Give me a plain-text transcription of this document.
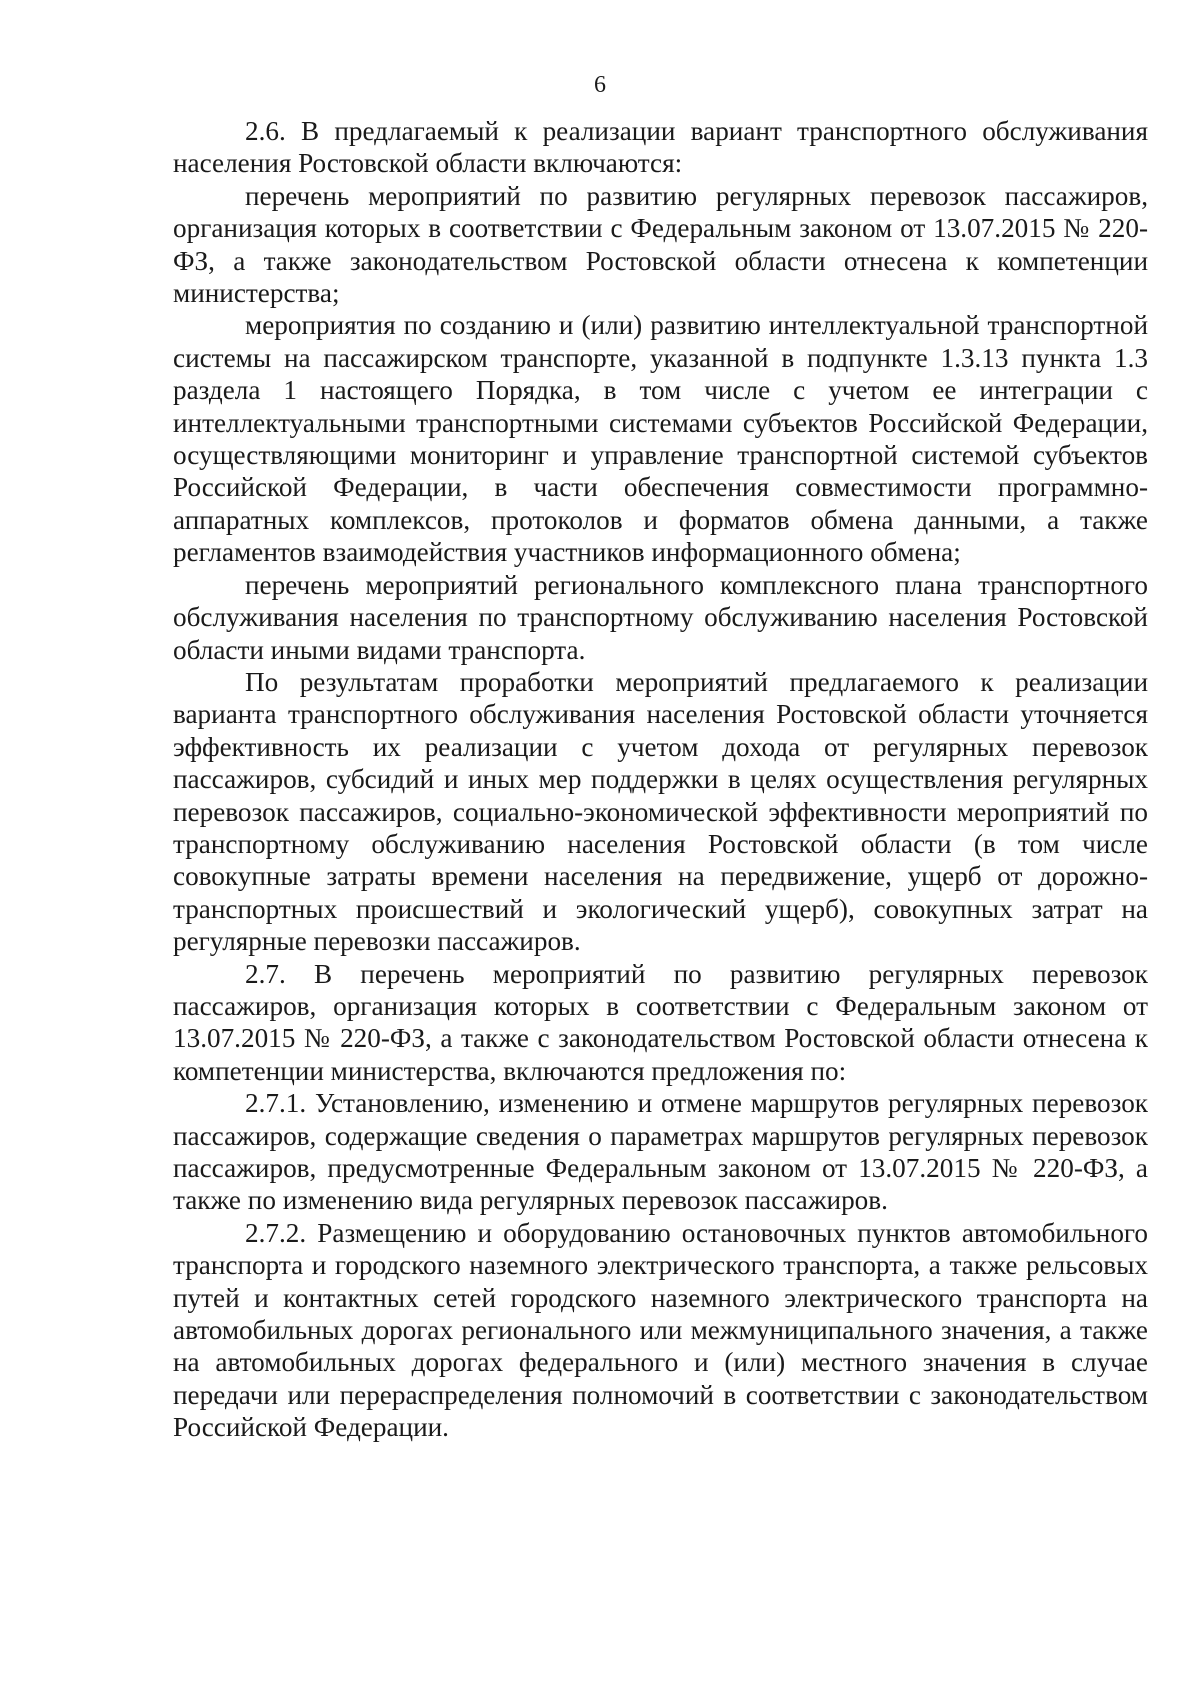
6

2.6. В предлагаемый к реализации вариант транспортного обслуживания населения Ростовской области включаются:

перечень мероприятий по развитию регулярных перевозок пассажиров, организация которых в соответствии с Федеральным законом от 13.07.2015 № 220-ФЗ, а также законодательством Ростовской области отнесена к компетенции министерства;

мероприятия по созданию и (или) развитию интеллектуальной транспортной системы на пассажирском транспорте, указанной в подпункте 1.3.13 пункта 1.3 раздела 1 настоящего Порядка, в том числе с учетом ее интеграции с интеллектуальными транспортными системами субъектов Российской Федерации, осуществляющими мониторинг и управление транспортной системой субъектов Российской Федерации, в части обеспечения совместимости программно-аппаратных комплексов, протоколов и форматов обмена данными, а также регламентов взаимодействия участников информационного обмена;

перечень мероприятий регионального комплексного плана транспортного обслуживания населения по транспортному обслуживанию населения Ростовской области иными видами транспорта.

По результатам проработки мероприятий предлагаемого к реализации варианта транспортного обслуживания населения Ростовской области уточняется эффективность их реализации с учетом дохода от регулярных перевозок пассажиров, субсидий и иных мер поддержки в целях осуществления регулярных перевозок пассажиров, социально-экономической эффективности мероприятий по транспортному обслуживанию населения Ростовской области (в том числе совокупные затраты времени населения на передвижение, ущерб от дорожно-транспортных происшествий и экологический ущерб), совокупных затрат на регулярные перевозки пассажиров.

2.7. В перечень мероприятий по развитию регулярных перевозок пассажиров, организация которых в соответствии с Федеральным законом от 13.07.2015 № 220-ФЗ, а также с законодательством Ростовской области отнесена к компетенции министерства, включаются предложения по:

2.7.1. Установлению, изменению и отмене маршрутов регулярных перевозок пассажиров, содержащие сведения о параметрах маршрутов регулярных перевозок пассажиров, предусмотренные Федеральным законом от 13.07.2015 № 220-ФЗ, а также по изменению вида регулярных перевозок пассажиров.

2.7.2. Размещению и оборудованию остановочных пунктов автомобильного транспорта и городского наземного электрического транспорта, а также рельсовых путей и контактных сетей городского наземного электрического транспорта на автомобильных дорогах регионального или межмуниципального значения, а также на автомобильных дорогах федерального и (или) местного значения в случае передачи или перераспределения полномочий в соответствии с законодательством Российской Федерации.
